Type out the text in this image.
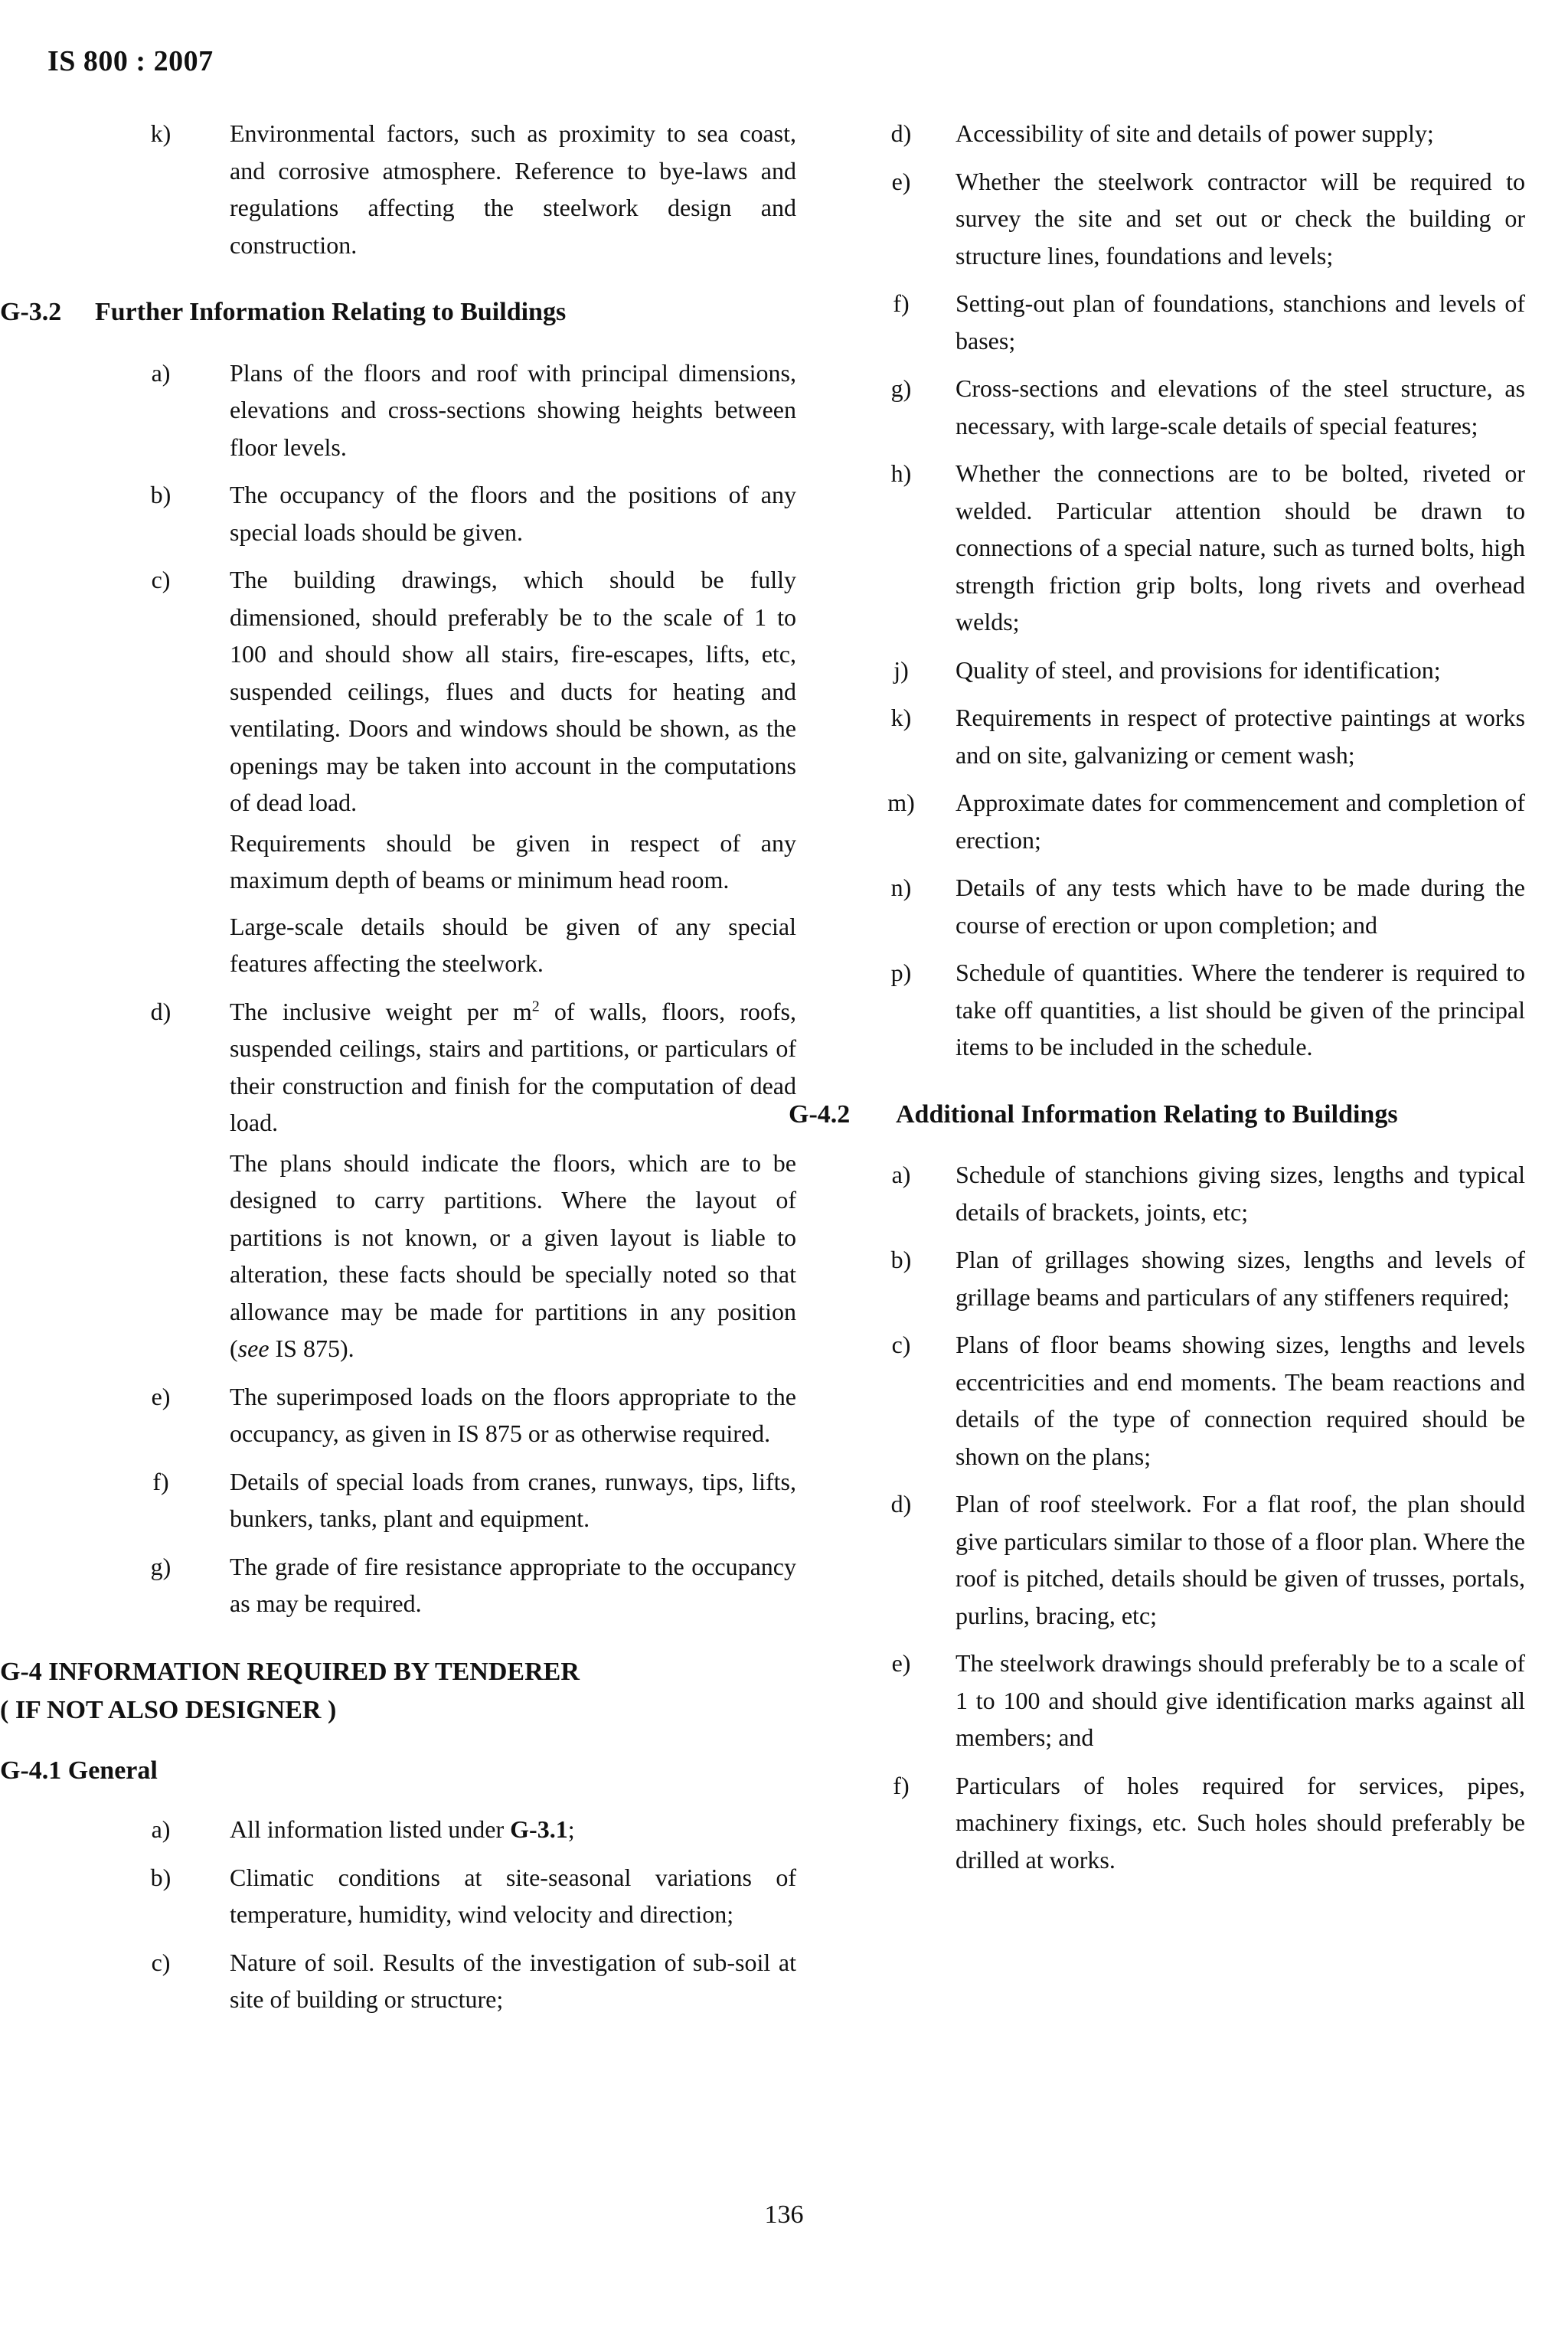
IS 800 : 2007
k)	Environmental factors, such as proximity to sea coast, and corrosive atmosphere. Reference to bye-laws and regulations affecting the steelwork design and construction.
G-3.2 Further Information Relating to Buildings
a)	Plans of the floors and roof with principal dimensions, elevations and cross-sections showing heights between floor levels.
b)	The occupancy of the floors and the positions of any special loads should be given.
c)	The building drawings, which should be fully dimensioned, should preferably be to the scale of 1 to 100 and should show all stairs, fire-escapes, lifts, etc, suspended ceilings, flues and ducts for heating and ventilating. Doors and windows should be shown, as the openings may be taken into account in the computations of dead load.
Requirements should be given in respect of any maximum depth of beams or minimum head room.
Large-scale details should be given of any special features affecting the steelwork.
d)	The inclusive weight per $m^2$ of walls, floors, roofs, suspended ceilings, stairs and partitions, or particulars of their construction and finish for the computation of dead load.
The plans should indicate the floors, which are to be designed to carry partitions. Where the layout of partitions is not known, or a given layout is liable to alteration, these facts should be specially noted so that allowance may be made for partitions in any position (see IS 875).
e)	The superimposed loads on the floors appropriate to the occupancy, as given in IS 875 or as otherwise required.
f)	Details of special loads from cranes, runways, tips, lifts, bunkers, tanks, plant and equipment.
g)	The grade of fire resistance appropriate to the occupancy as may be required.
G-4 INFORMATION REQUIRED BY TENDERER
( IF NOT ALSO DESIGNER )
G-4.1 General
a)	All information listed under G-3.1;
b)	Climatic conditions at site-seasonal variations of temperature, humidity, wind velocity and direction;
c)	Nature of soil. Results of the investigation of sub-soil at site of building or structure;
d)	Accessibility of site and details of power supply;
e)	Whether the steelwork contractor will be required to survey the site and set out or check the building or structure lines, foundations and levels;
f)	Setting-out plan of foundations, stanchions and levels of bases;
g)	Cross-sections and elevations of the steel structure, as necessary, with large-scale details of special features;
h)	Whether the connections are to be bolted, riveted or welded. Particular attention should be drawn to connections of a special nature, such as turned bolts, high strength friction grip bolts, long rivets and overhead welds;
j)	Quality of steel, and provisions for identification;
k)	Requirements in respect of protective paintings at works and on site, galvanizing or cement wash;
m)	Approximate dates for commencement and completion of erection;
n)	Details of any tests which have to be made during the course of erection or upon completion; and
p)	Schedule of quantities. Where the tenderer is required to take off quantities, a list should be given of the principal items to be included in the schedule.
G-4.2 Additional Information Relating to Buildings
a)	Schedule of stanchions giving sizes, lengths and typical details of brackets, joints, etc;
b)	Plan of grillages showing sizes, lengths and levels of grillage beams and particulars of any stiffeners required;
c)	Plans of floor beams showing sizes, lengths and levels eccentricities and end moments. The beam reactions and details of the type of connection required should be shown on the plans;
d)	Plan of roof steelwork. For a flat roof, the plan should give particulars similar to those of a floor plan. Where the roof is pitched, details should be given of trusses, portals, purlins, bracing, etc;
e)	The steelwork drawings should preferably be to a scale of 1 to 100 and should give identification marks against all members; and
f)	Particulars of holes required for services, pipes, machinery fixings, etc. Such holes should preferably be drilled at works.
136
